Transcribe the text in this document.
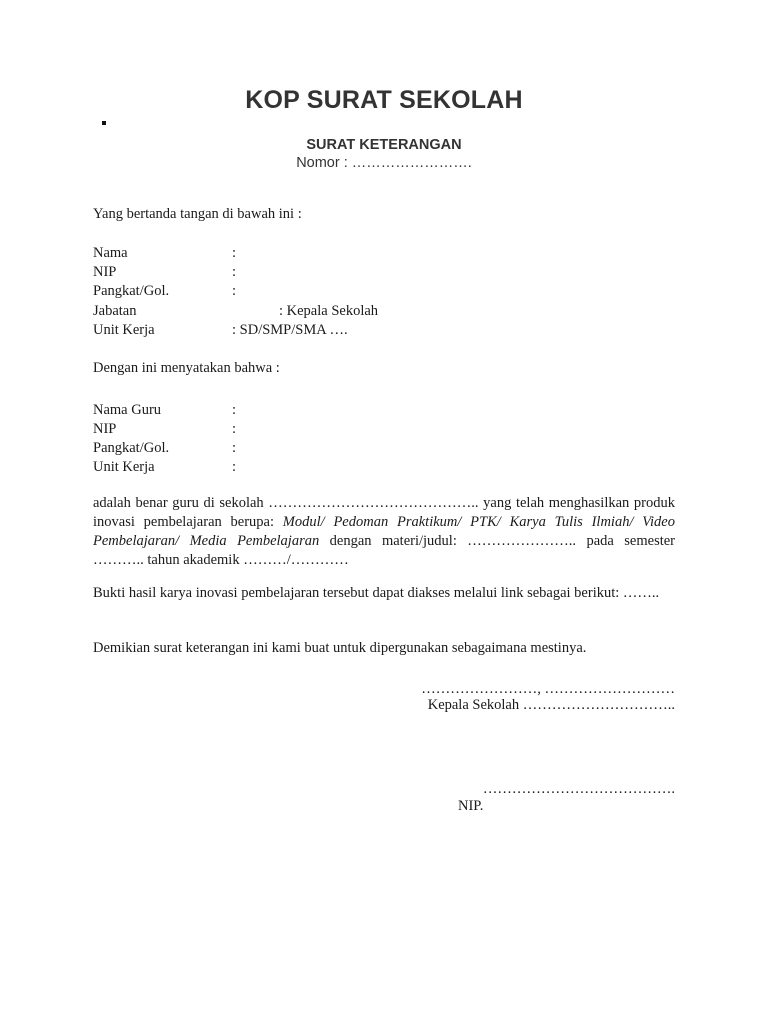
KOP SURAT SEKOLAH
SURAT KETERANGAN
Nomor : …………………….
Yang bertanda tangan di bawah ini :
Nama	:
NIP	:
Pangkat/Gol.	:
Jabatan	: Kepala Sekolah
Unit Kerja	: SD/SMP/SMA ….
Dengan ini menyatakan bahwa :
Nama Guru	:
NIP	:
Pangkat/Gol.	:
Unit Kerja	:
adalah benar guru di sekolah …………………………………….. yang telah menghasilkan produk inovasi pembelajaran berupa: Modul/ Pedoman Praktikum/ PTK/ Karya Tulis Ilmiah/ Video Pembelajaran/ Media Pembelajaran dengan materi/judul: ………………….. pada semester ……….. tahun akademik ………/…………
Bukti hasil karya inovasi pembelajaran tersebut dapat diakses melalui link sebagai berikut: ……..
Demikian surat keterangan ini kami buat untuk dipergunakan sebagaimana mestinya.
……………………, ………………………
Kepala Sekolah …………………………..
………………………………….
NIP.
